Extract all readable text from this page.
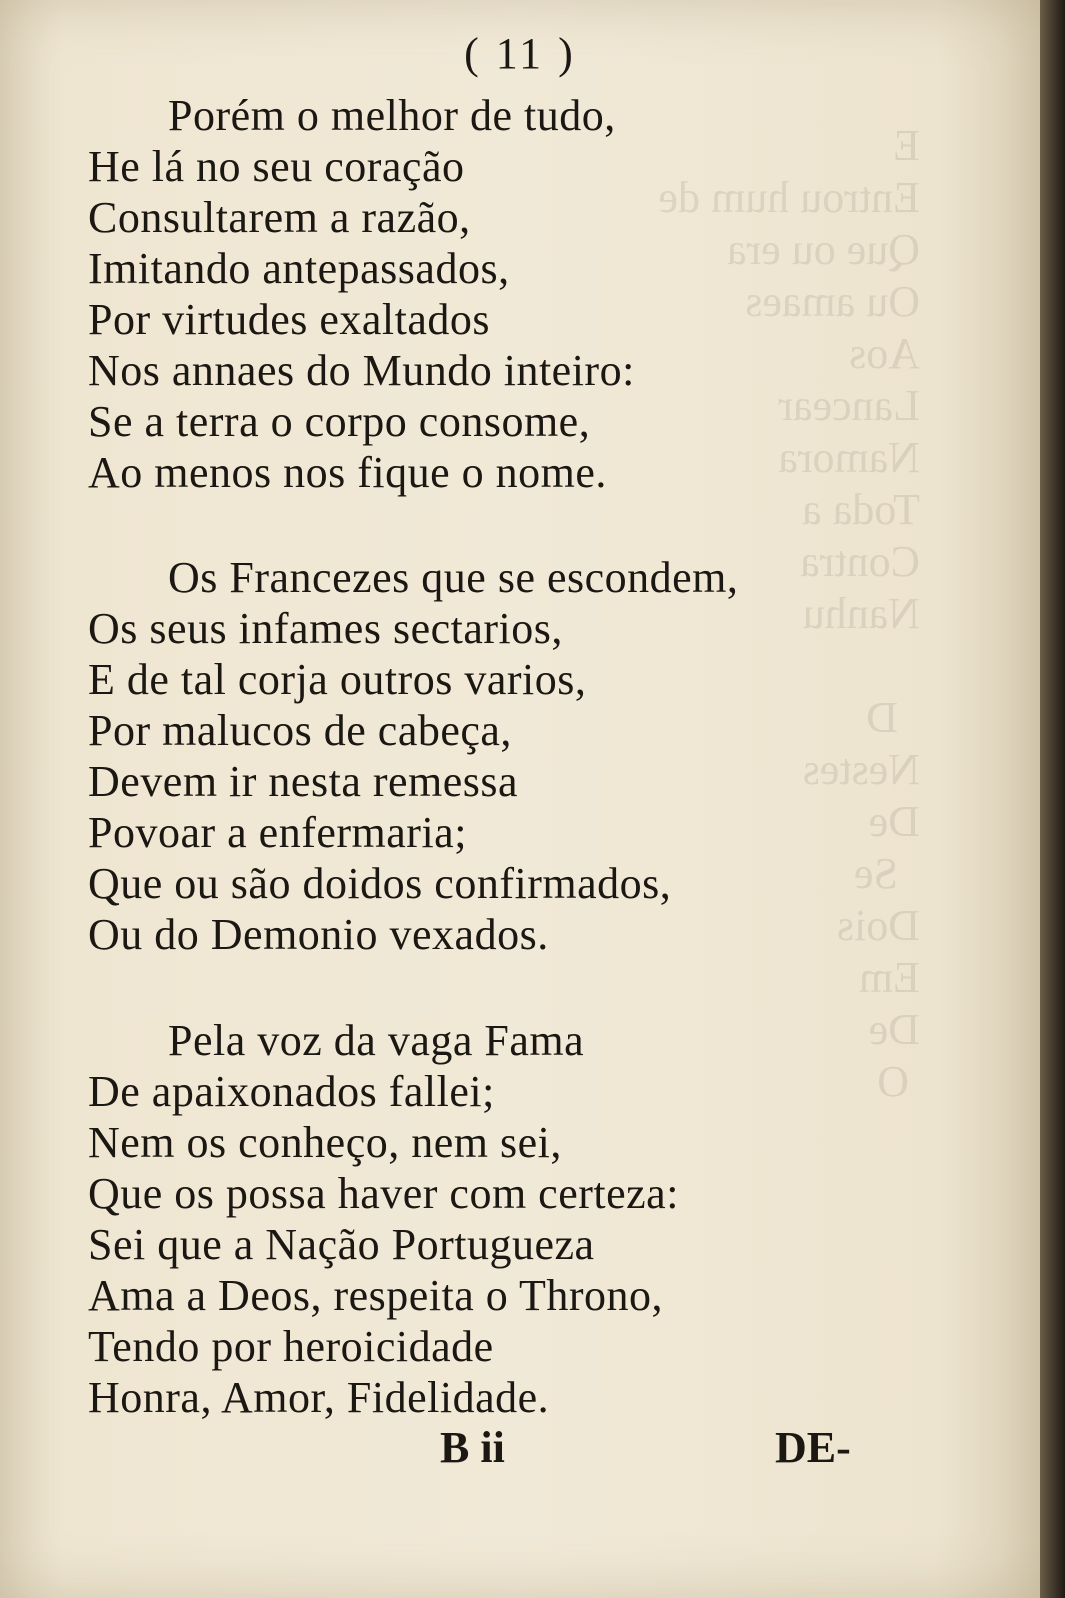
E
Entrou hum de
Que ou era
Ou amaes
Aos
Lancear
Namora
Toda a
Contra
Nanhu

D
Nestes
De
Se
Dois
Em
De
O
( 11 )
Porém o melhor de tudo,
He lá no seu coração
Consultarem a razão,
Imitando antepassados,
Por virtudes exaltados
Nos annaes do Mundo inteiro:
Se a terra o corpo consome,
Ao menos nos fique o nome.
Os Francezes que se escondem,
Os seus infames sectarios,
E de tal corja outros varios,
Por malucos de cabeça,
Devem ir nesta remessa
Povoar a enfermaria;
Que ou são doidos confirmados,
Ou do Demonio vexados.
Pela voz da vaga Fama
De apaixonados fallei;
Nem os conheço, nem sei,
Que os possa haver com certeza:
Sei que a Nação Portugueza
Ama a Deos, respeita o Throno,
Tendo por heroicidade
Honra, Amor, Fidelidade.
B ii	DE-
